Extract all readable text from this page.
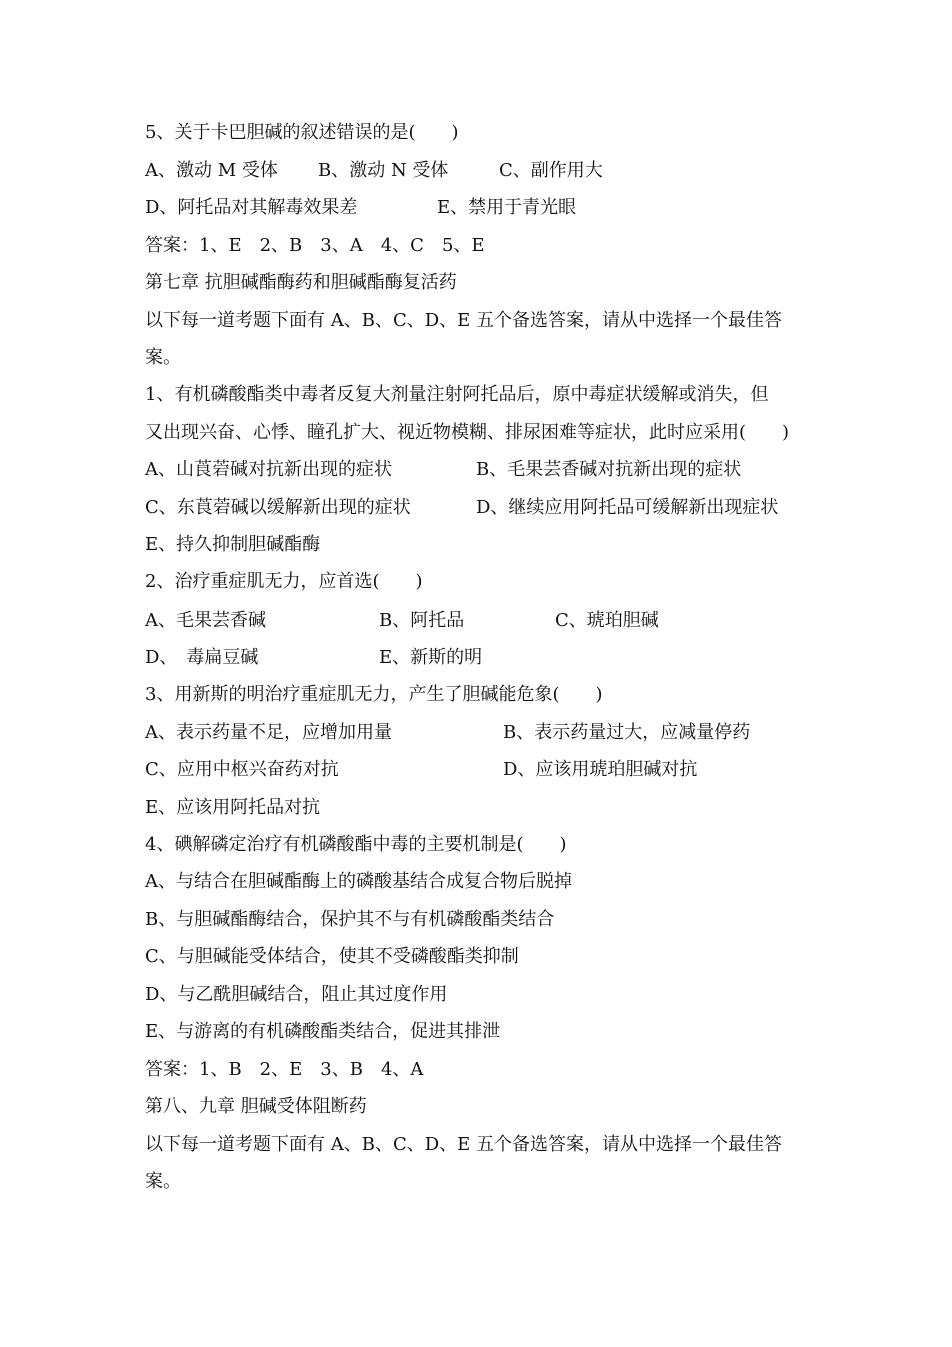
5、关于卡巴胆碱的叙述错误的是(　　)
A、激动 M 受体 B、激动 N 受体	C、副作用大
D、阿托品对其解毒效果差	E、禁用于青光眼
答案：1、E　2、B　3、A　4、C　5、E
第七章 抗胆碱酯酶药和胆碱酯酶复活药
以下每一道考题下面有 A、B、C、D、E 五个备选答案，请从中选择一个最佳答
案。
1、有机磷酸酯类中毒者反复大剂量注射阿托品后，原中毒症状缓解或消失，但
又出现兴奋、心悸、瞳孔扩大、视近物模糊、排尿困难等症状，此时应采用(　　)
A、山莨菪碱对抗新出现的症状	B、毛果芸香碱对抗新出现的症状
C、东莨菪碱以缓解新出现的症状	D、继续应用阿托品可缓解新出现症状
E、持久抑制胆碱酯酶
2、治疗重症肌无力，应首选(　　)
A、毛果芸香碱	B、阿托品	C、琥珀胆碱
D、　毒扁豆碱	E、新斯的明
3、用新斯的明治疗重症肌无力，产生了胆碱能危象(　　)
A、表示药量不足，应增加用量	B、表示药量过大，应减量停药
C、应用中枢兴奋药对抗	D、应该用琥珀胆碱对抗
E、应该用阿托品对抗
4、碘解磷定治疗有机磷酸酯中毒的主要机制是(　　)
A、与结合在胆碱酯酶上的磷酸基结合成复合物后脱掉
B、与胆碱酯酶结合，保护其不与有机磷酸酯类结合
C、与胆碱能受体结合，使其不受磷酸酯类抑制
D、与乙酰胆碱结合，阻止其过度作用
E、与游离的有机磷酸酯类结合，促进其排泄
答案：1、B　2、E　3、B　4、A
第八、九章 胆碱受体阻断药
以下每一道考题下面有 A、B、C、D、E 五个备选答案，请从中选择一个最佳答
案。
